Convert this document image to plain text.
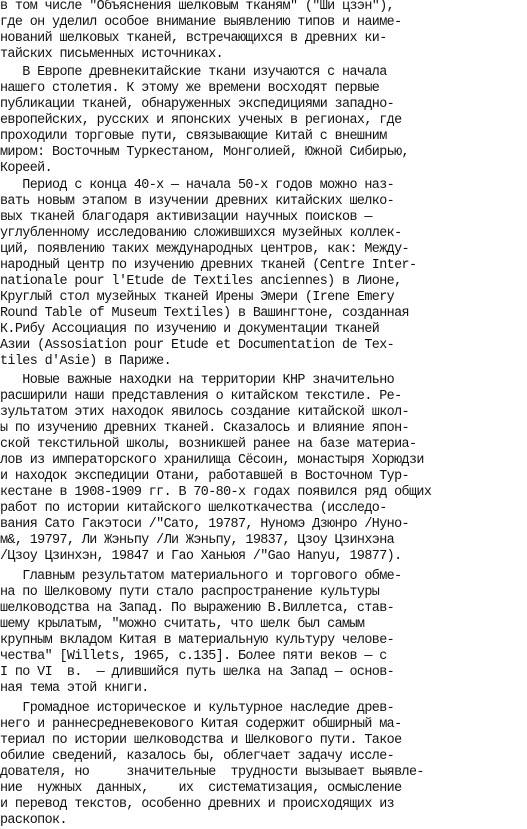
в том числе "Объяснения шелковым тканям" ("Ши цзэн"),
где он уделил особое внимание выявлению типов и наиме-
нований шелковых тканей, встречающихся в древних ки-
тайских письменных источниках.
В Европе древнекитайские ткани изучаются с начала
нашего столетия. К этому же времени восходят первые
публикации тканей, обнаруженных экспедициями западно-
европейских, русских и японских ученых в регионах, где
проходили торговые пути, связывающие Китай с внешним
миром: Восточным Туркестаном, Монголией, Южной Сибирью,
Кореей.
Период с конца 40-х — начала 50-х годов можно наз-
вать новым этапом в изучении древних китайских шелко-
вых тканей благодаря активизации научных поисков —
углубленному исследованию сложившихся музейных коллек-
ций, появлению таких международных центров, как: Между-
народный центр по изучению древних тканей (Centre Inter-
nationale pour l'Etude de Textiles anciennes) в Лионе,
Круглый стол музейных тканей Ирены Эмери (Irene Emery
Round Table of Museum Textiles) в Вашингтоне, созданная
К.Рибу Ассоциация по изучению и документации тканей
Азии (Assosiation pour Etude et Documentation de Tex-
tiles d'Asie) в Париже.
Новые важные находки на территории КНР значительно
расширили наши представления о китайском текстиле. Ре-
зультатом этих находок явилось создание китайской школ-
ы по изучению древних тканей. Сказалось и влияние япон-
ской текстильной школы, возникшей ранее на базе материа-
лов из императорского хранилища Сёсоин, монастыря Хорюдзи
и находок экспедиции Отани, работавшей в Восточном Тур-
кестане в 1908-1909 гг. В 70-80-х годах появился ряд общих
работ по истории китайского шелкоткачества (исследо-
вания Сато Гакэтоси /"Сато, 19787, Нуномэ Дзюнро /Нуно-
м&, 19797, Ли Жэньпу /Ли Жэньпу, 19837, Цзоу Цзинхэна
/Цзоу Цзинхэн, 19847 и Гао Ханьюя /"Gao Hanyu, 19877).
Главным результатом материального и торгового обме-
на по Шелковому пути стало распространение культуры
шелководства на Запад. По выражению В.Виллетса, став-
шему крылатым, "можно считать, что шелк был самым
крупным вкладом Китая в материальную культуру челове-
чества" [Willets, 1965, c.135]. Более пяти веков — с
I по VI  в.  — длившийся путь шелка на Запад — основ-
ная тема этой книги.
Громадное историческое и культурное наследие древ-
него и раннесредневекового Китая содержит обширный ма-
териал по истории шелководства и Шелкового пути. Такое
обилие сведений, казалось бы, облегчает задачу иссле-
дователя, но     значительные  трудности вызывает выявле-
ние  нужных  данных,    их  систематизация, осмысление
и перевод текстов, особенно древних и происходящих из
раскопок.
